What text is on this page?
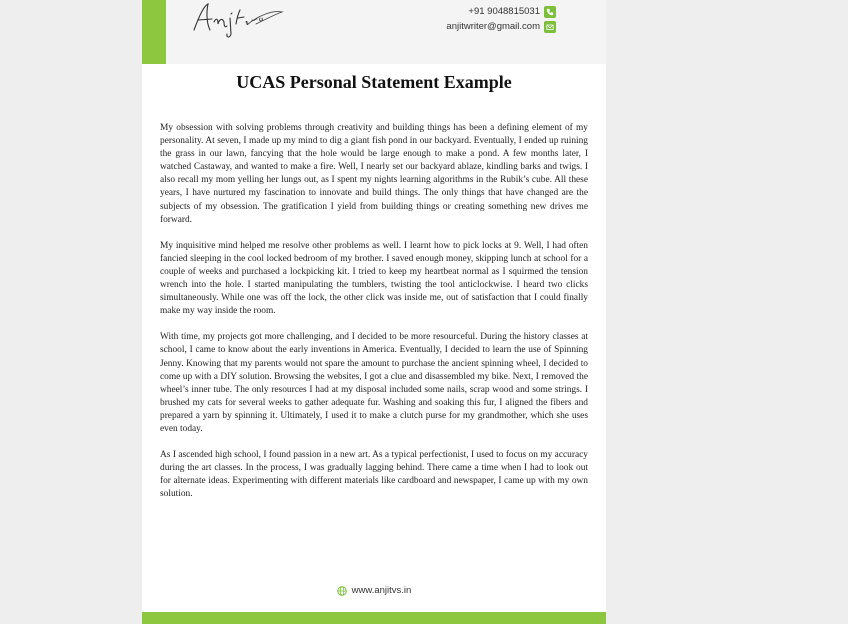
+91 9048815031
anjitwriter@gmail.com
UCAS Personal Statement Example

My obsession with solving problems through creativity and building things has been a defining element of my personality. At seven, I made up my mind to dig a giant fish pond in our backyard. Eventually, I ended up ruining the grass in our lawn, fancying that the hole would be large enough to make a pond. A few months later, I watched Castaway, and wanted to make a fire. Well, I nearly set our backyard ablaze, kindling barks and twigs. I also recall my mom yelling her lungs out, as I spent my nights learning algorithms in the Rubik’s cube. All these years, I have nurtured my fascination to innovate and build things. The only things that have changed are the subjects of my obsession. The gratification I yield from building things or creating something new drives me forward.

My inquisitive mind helped me resolve other problems as well. I learnt how to pick locks at 9. Well, I had often fancied sleeping in the cool locked bedroom of my brother. I saved enough money, skipping lunch at school for a couple of weeks and purchased a lockpicking kit. I tried to keep my heartbeat normal as I squirmed the tension wrench into the hole. I started manipulating the tumblers, twisting the tool anticlockwise. I heard two clicks simultaneously. While one was off the lock, the other click was inside me, out of satisfaction that I could finally make my way inside the room.

With time, my projects got more challenging, and I decided to be more resourceful. During the history classes at school, I came to know about the early inventions in America. Eventually, I decided to learn the use of Spinning Jenny. Knowing that my parents would not spare the amount to purchase the ancient spinning wheel, I decided to come up with a DIY solution. Browsing the websites, I got a clue and disassembled my bike. Next, I removed the wheel’s inner tube. The only resources I had at my disposal included some nails, scrap wood and some strings. I brushed my cats for several weeks to gather adequate fur. Washing and soaking this fur, I aligned the fibers and prepared a yarn by spinning it. Ultimately, I used it to make a clutch purse for my grandmother, which she uses even today.

As I ascended high school, I found passion in a new art. As a typical perfectionist, I used to focus on my accuracy during the art classes. In the process, I was gradually lagging behind. There came a time when I had to look out for alternate ideas. Experimenting with different materials like cardboard and newspaper, I came up with my own solution.

www.anjitvs.in
